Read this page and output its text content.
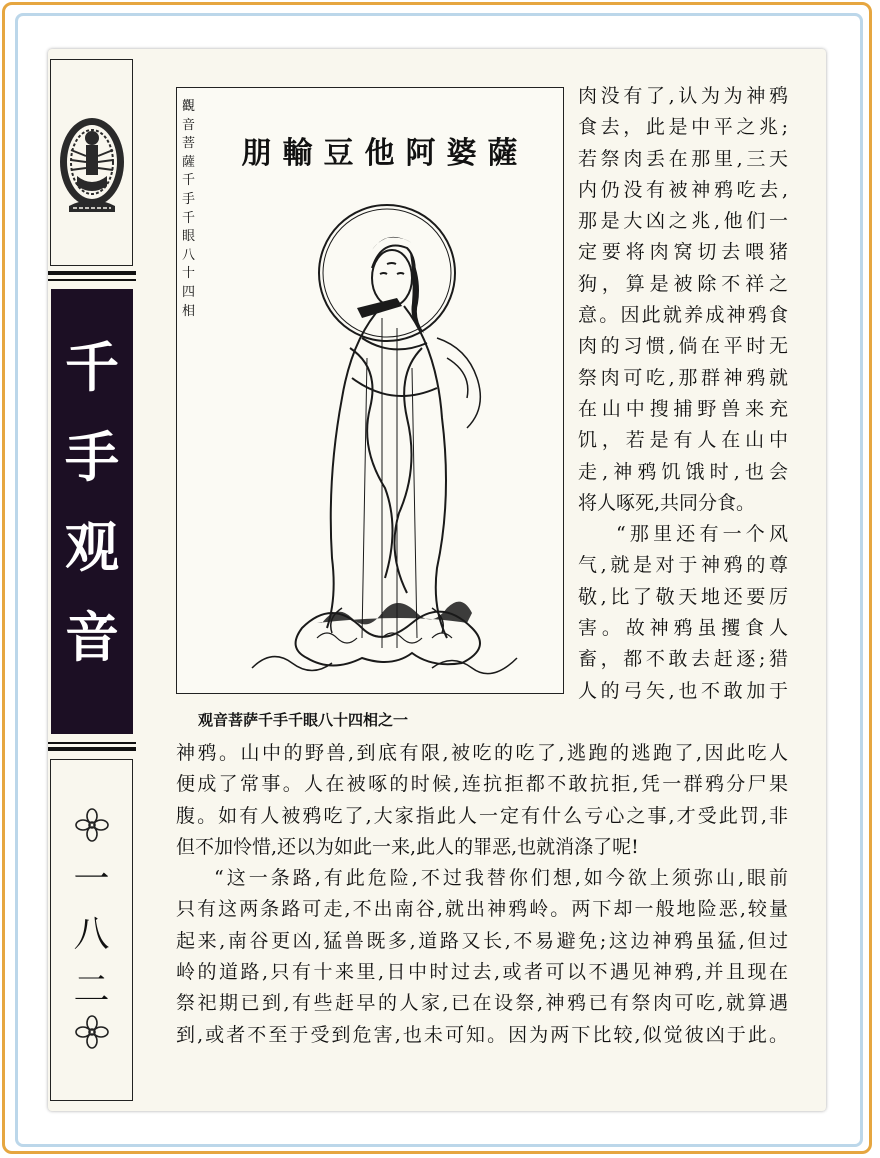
千
手
观
音
一
八
二
觀音菩薩千手千眼八十四相
薩婆阿他豆輸朋
观音菩萨千手千眼八十四相之一
肉没有了,认为为神鸦
食去，此是中平之兆;
若祭肉丢在那里,三天
内仍没有被神鸦吃去,
那是大凶之兆,他们一
定要将肉窝切去喂猪
狗，算是被除不祥之
意。因此就养成神鸦食
肉的习惯,倘在平时无
祭肉可吃,那群神鸦就
在山中搜捕野兽来充
饥，若是有人在山中
走,神鸦饥饿时,也会
将人啄死,共同分食。
“那里还有一个风
气,就是对于神鸦的尊
敬,比了敬天地还要厉
害。故神鸦虽攫食人
畜，都不敢去赶逐;猎
人的弓矢,也不敢加于
神鸦。山中的野兽,到底有限,被吃的吃了,逃跑的逃跑了,因此吃人
便成了常事。人在被啄的时候,连抗拒都不敢抗拒,凭一群鸦分尸果
腹。如有人被鸦吃了,大家指此人一定有什么亏心之事,才受此罚,非
但不加怜惜,还以为如此一来,此人的罪恶,也就消涤了呢!
“这一条路,有此危险,不过我替你们想,如今欲上须弥山,眼前
只有这两条路可走,不出南谷,就出神鸦岭。两下却一般地险恶,较量
起来,南谷更凶,猛兽既多,道路又长,不易避免;这边神鸦虽猛,但过
岭的道路,只有十来里,日中时过去,或者可以不遇见神鸦,并且现在
祭祀期已到,有些赶早的人家,已在设祭,神鸦已有祭肉可吃,就算遇
到,或者不至于受到危害,也未可知。因为两下比较,似觉彼凶于此。
